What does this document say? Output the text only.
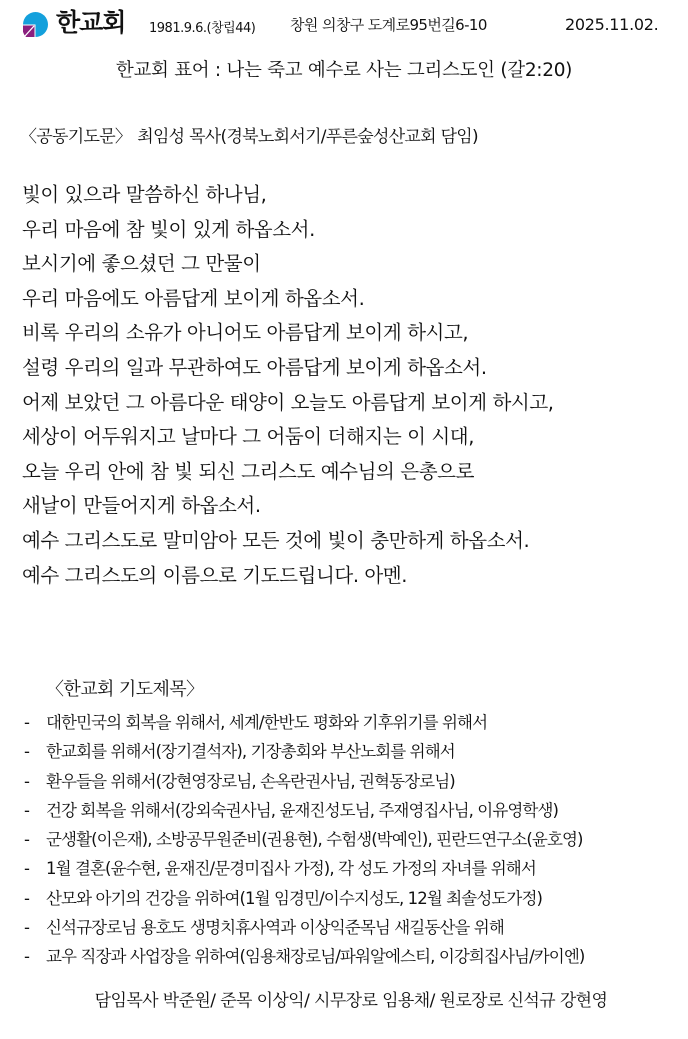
한교회 1981.9.6.(창립44) 창원 의창구 도계로95번길6-10	2025.11.02.
한교회 표어 : 나는 죽고 예수로 사는 그리스도인 (갈2:20)
〈공동기도문〉 최임성 목사(경북노회서기/푸른숲성산교회 담임)
빛이 있으라 말씀하신 하나님,
우리 마음에 참 빛이 있게 하옵소서.
보시기에 좋으셨던 그 만물이
우리 마음에도 아름답게 보이게 하옵소서.
비록 우리의 소유가 아니어도 아름답게 보이게 하시고,
설령 우리의 일과 무관하여도 아름답게 보이게 하옵소서.
어제 보았던 그 아름다운 태양이 오늘도 아름답게 보이게 하시고,
세상이 어두워지고 날마다 그 어둠이 더해지는 이 시대,
오늘 우리 안에 참 빛 되신 그리스도 예수님의 은총으로
새날이 만들어지게 하옵소서.
예수 그리스도로 말미암아 모든 것에 빛이 충만하게 하옵소서.
예수 그리스도의 이름으로 기도드립니다. 아멘.
〈한교회 기도제목〉
- 대한민국의 회복을 위해서, 세계/한반도 평화와 기후위기를 위해서
- 한교회를 위해서(장기결석자), 기장총회와 부산노회를 위해서
- 환우들을 위해서(강현영장로님, 손옥란권사님, 권혁동장로님)
- 건강 회복을 위해서(강외숙권사님, 윤재진성도님, 주재영집사님, 이유영학생)
- 군생활(이은재), 소방공무원준비(권용현), 수험생(박예인), 핀란드연구소(윤호영)
- 1월 결혼(윤수현, 윤재진/문경미집사 가정), 각 성도 가정의 자녀를 위해서
- 산모와 아기의 건강을 위하여(1월 임경민/이수지성도, 12월 최솔성도가정)
- 신석규장로님 용호도 생명치휴사역과 이상익준목님 새길동산을 위해
- 교우 직장과 사업장을 위하여(임용채장로님/파워알에스티, 이강희집사님/카이엔)
담임목사 박준원/ 준목 이상익/ 시무장로 임용채/ 원로장로 신석규 강현영
